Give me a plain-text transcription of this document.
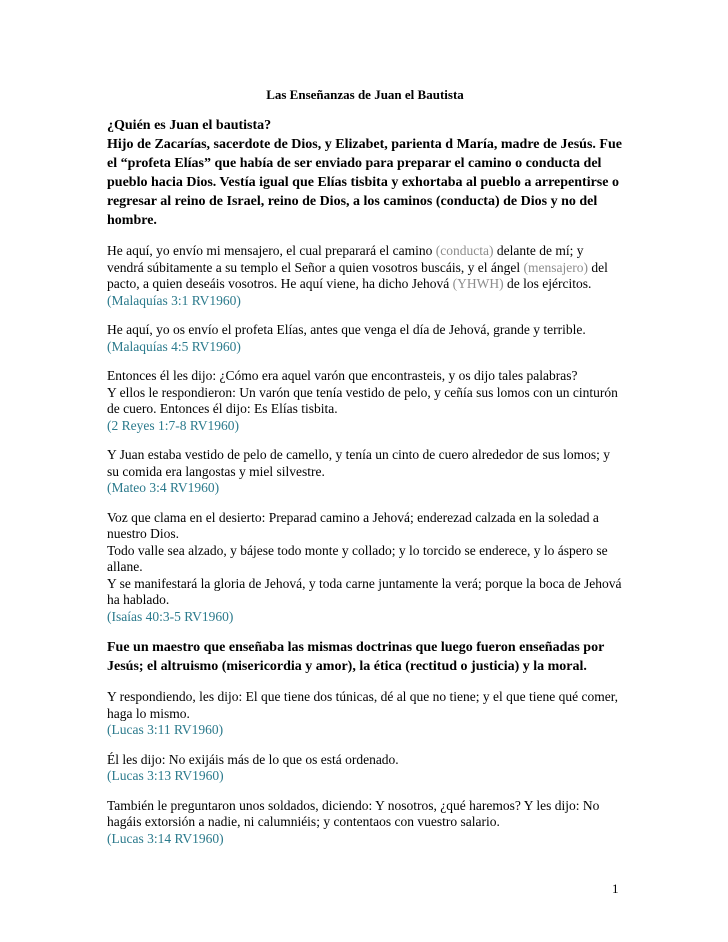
Las Enseñanzas de Juan el Bautista

¿Quién es Juan el bautista?

Hijo de Zacarías, sacerdote de Dios, y Elizabet, parienta d María, madre de Jesús. Fue el “profeta Elías” que había de ser enviado para preparar el camino o conducta del pueblo hacia Dios. Vestía igual que Elías tisbita y exhortaba al pueblo a arrepentirse o regresar al reino de Israel, reino de Dios, a los caminos (conducta) de Dios y no del hombre.

He aquí, yo envío mi mensajero, el cual preparará el camino (conducta) delante de mí; y vendrá súbitamente a su templo el Señor a quien vosotros buscáis, y el ángel (mensajero) del pacto, a quien deseáis vosotros. He aquí viene, ha dicho Jehová (YHWH) de los ejércitos.

(Malaquías 3:1 RV1960)

He aquí, yo os envío el profeta Elías, antes que venga el día de Jehová, grande y terrible.

(Malaquías 4:5 RV1960)

Entonces él les dijo: ¿Cómo era aquel varón que encontrasteis, y os dijo tales palabras?

Y ellos le respondieron: Un varón que tenía vestido de pelo, y ceñía sus lomos con un cinturón de cuero. Entonces él dijo: Es Elías tisbita.

(2 Reyes 1:7-8 RV1960)

Y Juan estaba vestido de pelo de camello, y tenía un cinto de cuero alrededor de sus lomos; y su comida era langostas y miel silvestre.

(Mateo 3:4 RV1960)

Voz que clama en el desierto: Preparad camino a Jehová; enderezad calzada en la soledad a nuestro Dios.

Todo valle sea alzado, y bájese todo monte y collado; y lo torcido se enderece, y lo áspero se allane.

Y se manifestará la gloria de Jehová, y toda carne juntamente la verá; porque la boca de Jehová ha hablado.

(Isaías 40:3-5 RV1960)

Fue un maestro que enseñaba las mismas doctrinas que luego fueron enseñadas por Jesús; el altruismo (misericordia y amor), la ética (rectitud o justicia) y la moral.

Y respondiendo, les dijo: El que tiene dos túnicas, dé al que no tiene; y el que tiene qué comer, haga lo mismo.

(Lucas 3:11 RV1960)

Él les dijo: No exijáis más de lo que os está ordenado.

(Lucas 3:13 RV1960)

También le preguntaron unos soldados, diciendo: Y nosotros, ¿qué haremos? Y les dijo: No hagáis extorsión a nadie, ni calumniéis; y contentaos con vuestro salario.

(Lucas 3:14 RV1960)

1
